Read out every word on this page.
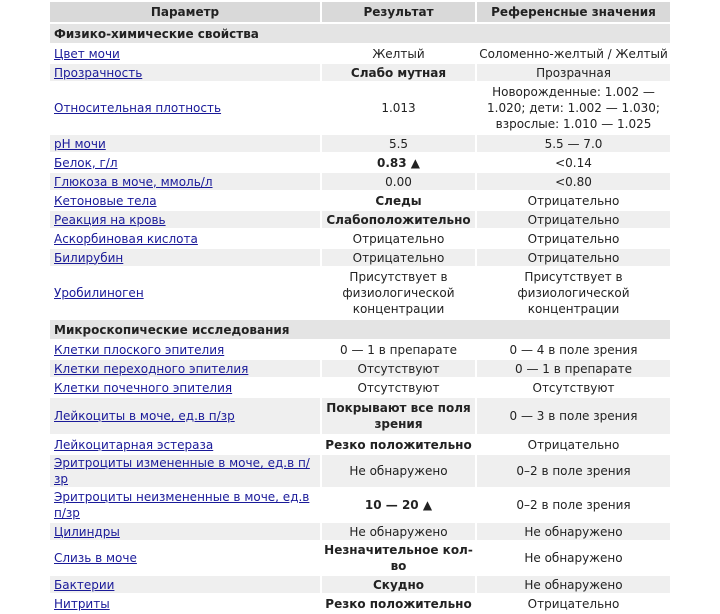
Параметр	Результат	Референсные значения
Физико-химические свойства		
Цвет мочи	Желтый	Соломенно-желтый / Желтый
Прозрачность	Слабо мутная	Прозрачная
Относительная плотность	1.013	Новорожденные: 1.002 — 1.020; дети: 1.002 — 1.030; взрослые: 1.010 — 1.025
рН мочи	5.5	5.5 — 7.0
Белок, г/л	0.83 ▲	<0.14
Глюкоза в моче, ммоль/л	0.00	<0.80
Кетоновые тела	Следы	Отрицательно
Реакция на кровь	Слабоположительно	Отрицательно
Аскорбиновая кислота	Отрицательно	Отрицательно
Билирубин	Отрицательно	Отрицательно
Уробилиноген	Присутствует в физиологической концентрации	Присутствует в физиологической концентрации
Микроскопические исследования		
Клетки плоского эпителия	0 — 1 в препарате	0 — 4 в поле зрения
Клетки переходного эпителия	Отсутствуют	0 — 1 в препарате
Клетки почечного эпителия	Отсутствуют	Отсутствуют
Лейкоциты в моче, ед.в п/зр	Покрывают все поля зрения	0 — 3 в поле зрения
Лейкоцитарная эстераза	Резко положительно	Отрицательно
Эритроциты измененные в моче, ед.в п/зр	Не обнаружено	0–2 в поле зрения
Эритроциты неизмененные в моче, ед.в п/зр	10 — 20 ▲	0–2 в поле зрения
Цилиндры	Не обнаружено	Не обнаружено
Слизь в моче	Незначительное кол-во	Не обнаружено
Бактерии	Скудно	Не обнаружено
Нитриты	Резко положительно	Отрицательно
